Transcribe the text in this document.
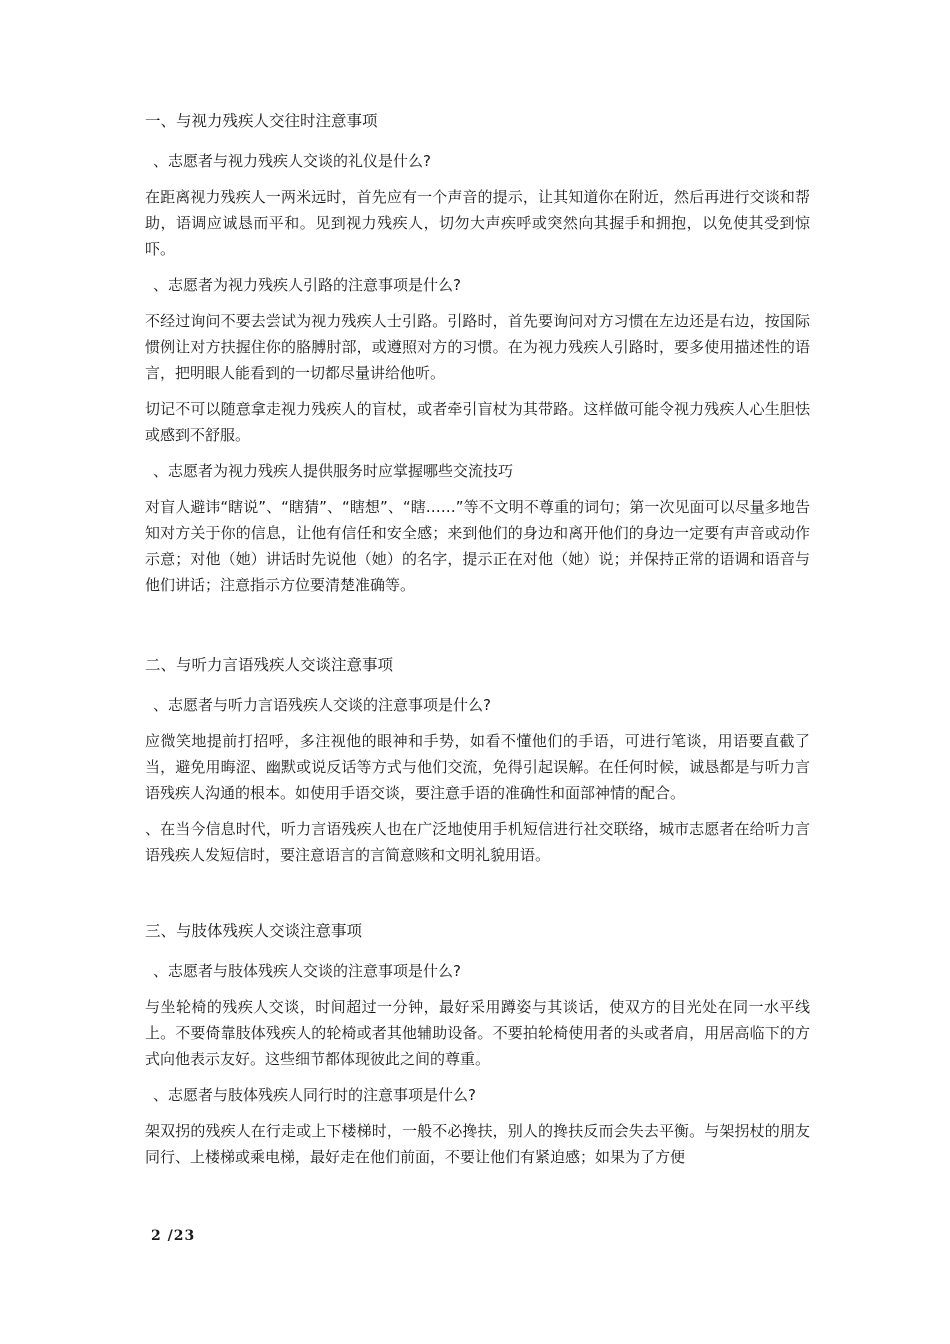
一、与视力残疾人交往时注意事项
、志愿者与视力残疾人交谈的礼仪是什么?
在距离视力残疾人一两米远时，首先应有一个声音的提示，让其知道你在附近，然后再进行交谈和帮助，语调应诚恳而平和。见到视力残疾人，切勿大声疾呼或突然向其握手和拥抱，以免使其受到惊吓。
、志愿者为视力残疾人引路的注意事项是什么?
不经过询问不要去尝试为视力残疾人士引路。引路时，首先要询问对方习惯在左边还是右边，按国际惯例让对方扶握住你的胳膊肘部，或遵照对方的习惯。在为视力残疾人引路时，要多使用描述性的语言，把明眼人能看到的一切都尽量讲给他听。
切记不可以随意拿走视力残疾人的盲杖，或者牵引盲杖为其带路。这样做可能令视力残疾人心生胆怯或感到不舒服。
、志愿者为视力残疾人提供服务时应掌握哪些交流技巧
对盲人避讳“瞎说”、“瞎猜”、“瞎想”、“瞎……”等不文明不尊重的词句；第一次见面可以尽量多地告知对方关于你的信息，让他有信任和安全感；来到他们的身边和离开他们的身边一定要有声音或动作示意；对他（她）讲话时先说他（她）的名字，提示正在对他（她）说；并保持正常的语调和语音与他们讲话；注意指示方位要清楚准确等。
二、与听力言语残疾人交谈注意事项
、志愿者与听力言语残疾人交谈的注意事项是什么?
应微笑地提前打招呼，多注视他的眼神和手势，如看不懂他们的手语，可进行笔谈，用语要直截了当，避免用晦涩、幽默或说反话等方式与他们交流，免得引起误解。在任何时候，诚恳都是与听力言语残疾人沟通的根本。如使用手语交谈，要注意手语的准确性和面部神情的配合。
、在当今信息时代，听力言语残疾人也在广泛地使用手机短信进行社交联络，城市志愿者在给听力言语残疾人发短信时，要注意语言的言简意赅和文明礼貌用语。
三、与肢体残疾人交谈注意事项
、志愿者与肢体残疾人交谈的注意事项是什么?
与坐轮椅的残疾人交谈，时间超过一分钟，最好采用蹲姿与其谈话，使双方的目光处在同一水平线上。不要倚靠肢体残疾人的轮椅或者其他辅助设备。不要拍轮椅使用者的头或者肩，用居高临下的方式向他表示友好。这些细节都体现彼此之间的尊重。
、志愿者与肢体残疾人同行时的注意事项是什么?
架双拐的残疾人在行走或上下楼梯时，一般不必搀扶，别人的搀扶反而会失去平衡。与架拐杖的朋友同行、上楼梯或乘电梯，最好走在他们前面，不要让他们有紧迫感；如果为了方便
2 /23
